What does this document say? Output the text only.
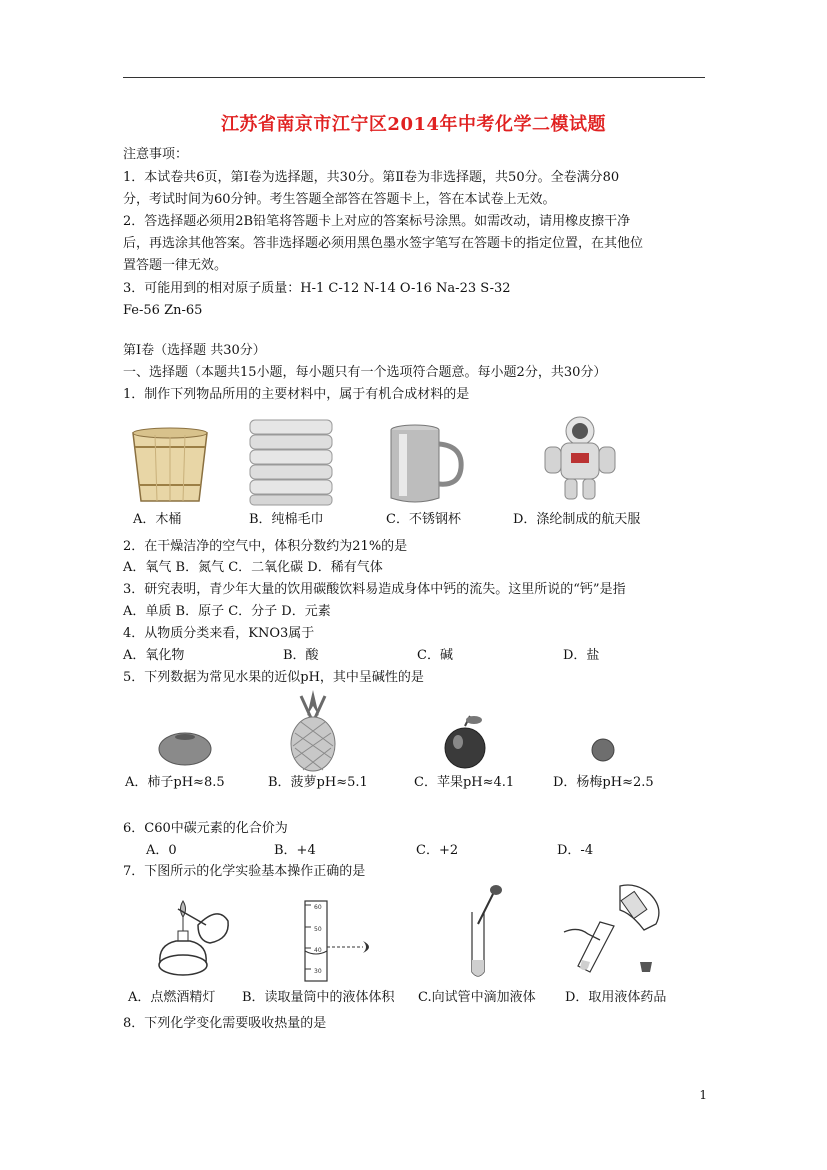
江苏省南京市江宁区2014年中考化学二模试题
注意事项：
1．本试卷共6页，第Ⅰ卷为选择题，共30分。第Ⅱ卷为非选择题，共50分。全卷满分80
分，考试时间为60分钟。考生答题全部答在答题卡上，答在本试卷上无效。
2．答选择题必须用2B铅笔将答题卡上对应的答案标号涂黑。如需改动，请用橡皮擦干净
后，再选涂其他答案。答非选择题必须用黑色墨水签字笔写在答题卡的指定位置，在其他位
置答题一律无效。
3．可能用到的相对原子质量：H-1 C-12 N-14 O-16 Na-23 S-32
Fe-56 Zn-65
第Ⅰ卷（选择题 共30分）
一、选择题（本题共15小题，每小题只有一个选项符合题意。每小题2分，共30分）
1．制作下列物品所用的主要材料中，属于有机合成材料的是
A．木桶	B．纯棉毛巾	C．不锈钢杯	D．涤纶制成的航天服
2．在干燥洁净的空气中，体积分数约为21%的是
A．氧气 B．氮气 C．二氧化碳 D．稀有气体
3．研究表明，青少年大量的饮用碳酸饮料易造成身体中钙的流失。这里所说的“钙”是指
A．单质 B．原子 C．分子 D．元素
4．从物质分类来看，KNO3属于
A．氧化物	B．酸	C．碱	D．盐
5．下列数据为常见水果的近似pH，其中呈碱性的是
A．柿子pH≈8.5	B．菠萝pH≈5.1	C．苹果pH≈4.1	D．杨梅pH≈2.5
6．C60中碳元素的化合价为
A．0	B．+4	C．+2	D．-4
7．下图所示的化学实验基本操作正确的是
60
50
40
30
A．点燃酒精灯 B．读取量筒中的液体体积 C.向试管中滴加液体 D．取用液体药品
8．下列化学变化需要吸收热量的是
1
